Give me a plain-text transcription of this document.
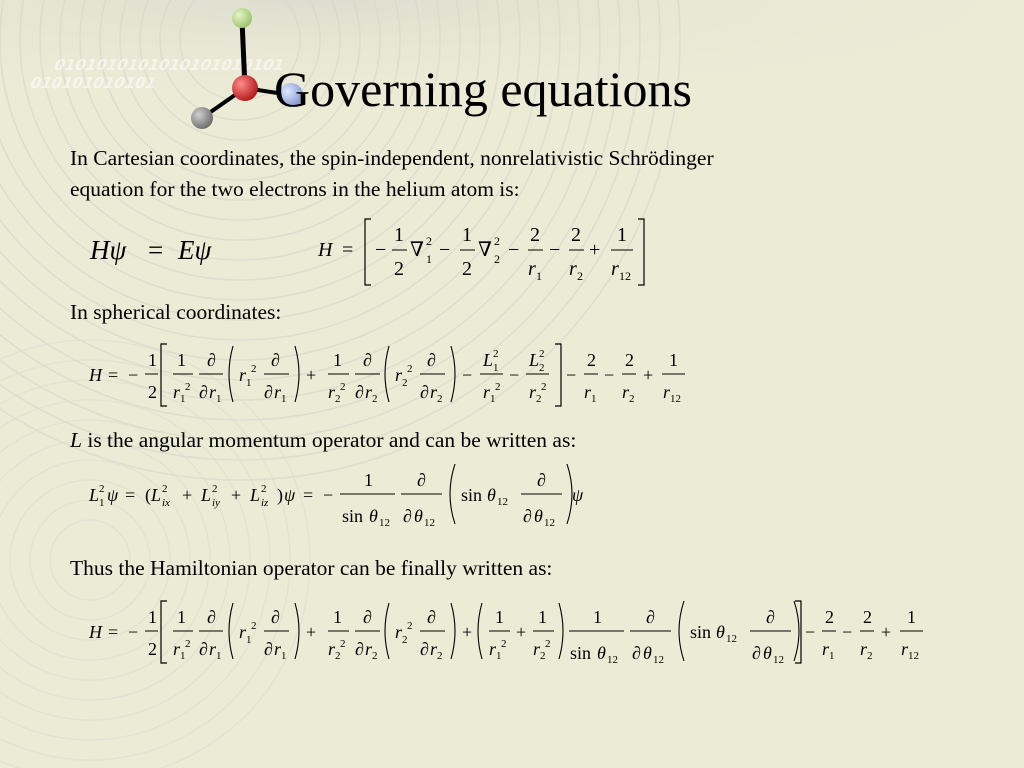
0101010101010101010101
010101010101 Governing equations

In Cartesian coordinates, the spin-independent, nonrelativistic Schrödinger

equation for the two electrons in the helium atom is:

Hψ = Eψ	H = −
1
2
∇ 2
1 −
1
2
∇ 2
2 −
2
r 1
−
2
r 2
+
1
r 12

In spherical coordinates:

H = −
1
2
1
r 1
2
∂
∂ r 1
r 1
2 ∂
∂ r 1
+
1
r 2
2
∂
∂ r 2
r 2
2 ∂
∂ r 2
−
L 1
2
r 1
2
−
L 2
2
r 2
2
−
2
r 1
−
2
r 2
+
1
r 12

L is the angular momentum operator and can be written as:

L 1
2 ψ = ( L 2
ix + L 2
iy + L 2
iz ) ψ = −
1
sin θ 12
∂
∂ θ 12
sin θ 12
∂
∂ θ 12
ψ

Thus the Hamiltonian operator can be finally written as:

H = −
1
2
1
r 1
2
∂
∂ r 1
r 1
2 ∂
∂ r 1
+
1
r 2
2
∂
∂ r 2
r 2
2 ∂
∂ r 2
+
1
r 1
2
+
1
r 2
2
1
sin θ 12
∂
∂ θ 12
sin θ 12
∂
∂ θ 12
−
2
r 1
−
2
r 2
+
1
r 12
